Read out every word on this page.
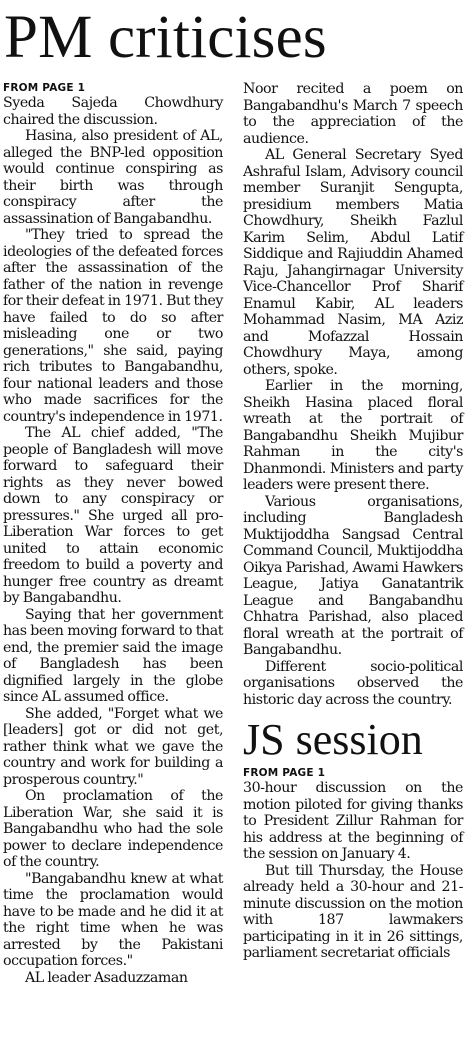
PM criticises
FROM PAGE 1

Syeda Sajeda Chowdhury chaired the discussion.

Hasina, also president of AL, alleged the BNP-led opposition would continue conspiring as their birth was through conspiracy after the assassination of Bangabandhu.

"They tried to spread the ideologies of the defeated forces after the assassination of the father of the nation in revenge for their defeat in 1971. But they have failed to do so after misleading one or two generations," she said, paying rich tributes to Bangabandhu, four national leaders and those who made sacrifices for the country's independence in 1971.

The AL chief added, "The people of Bangladesh will move forward to safeguard their rights as they never bowed down to any conspiracy or pressures." She urged all pro-Liberation War forces to get united to attain economic freedom to build a poverty and hunger free country as dreamt by Bangabandhu.

Saying that her government has been moving forward to that end, the premier said the image of Bangladesh has been dignified largely in the globe since AL assumed office.

She added, "Forget what we [leaders] got or did not get, rather think what we gave the country and work for building a prosperous country."

On proclamation of the Liberation War, she said it is Bangabandhu who had the sole power to declare independence of the country.

"Bangabandhu knew at what time the proclamation would have to be made and he did it at the right time when he was arrested by the Pakistani occupation forces."

AL leader Asaduzzaman

Noor recited a poem on Bangabandhu's March 7 speech to the appreciation of the audience.

AL General Secretary Syed Ashraful Islam, Advisory council member Suranjit Sengupta, presidium members Matia Chowdhury, Sheikh Fazlul Karim Selim, Abdul Latif Siddique and Rajiuddin Ahamed Raju, Jahangirnagar University Vice-Chancellor Prof Sharif Enamul Kabir, AL leaders Mohammad Nasim, MA Aziz and Mofazzal Hossain Chowdhury Maya, among others, spoke.

Earlier in the morning, Sheikh Hasina placed floral wreath at the portrait of Bangabandhu Sheikh Mujibur Rahman in the city's Dhanmondi. Ministers and party leaders were present there.

Various organisations, including Bangladesh Muktijoddha Sangsad Central Command Council, Muktijoddha Oikya Parishad, Awami Hawkers League, Jatiya Ganatantrik League and Bangabandhu Chhatra Parishad, also placed floral wreath at the portrait of Bangabandhu.

Different socio-political organisations observed the historic day across the country.

JS session
FROM PAGE 1

30-hour discussion on the motion piloted for giving thanks to President Zillur Rahman for his address at the beginning of the session on January 4.

But till Thursday, the House already held a 30-hour and 21-minute discussion on the motion with 187 lawmakers participating in it in 26 sittings, parliament secretariat officials
